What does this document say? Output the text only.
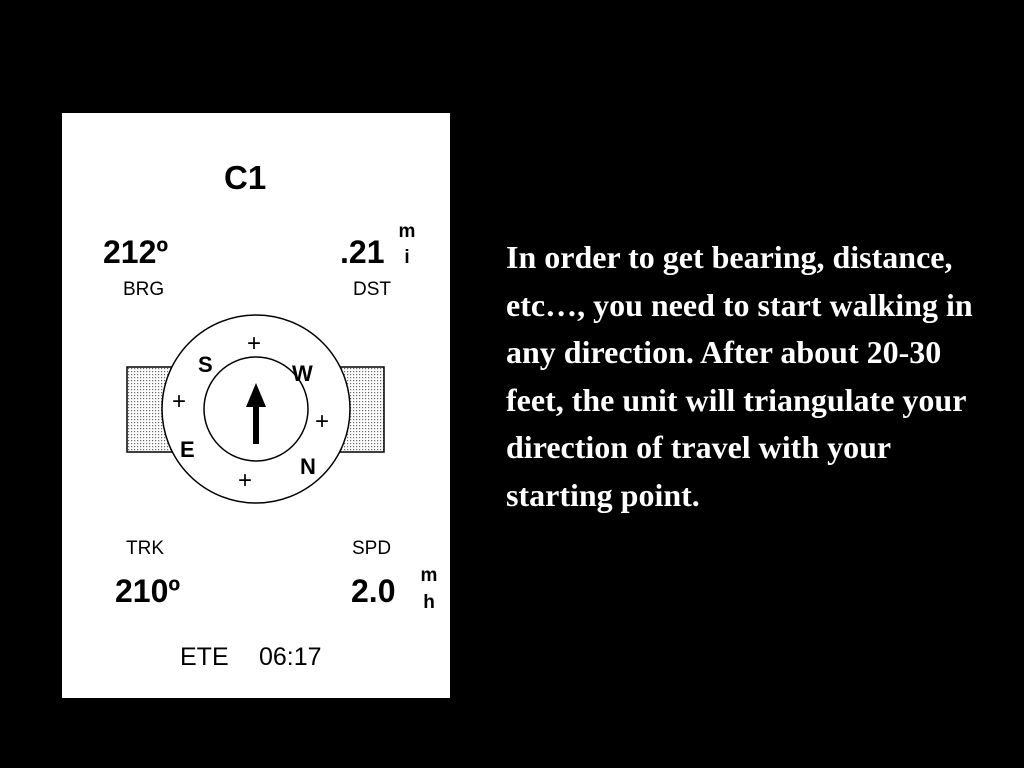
C1
212º
BRG
.21
m
i
DST
S	W
E
N
+
+
+
+
TRK
210º
SPD
2.0 m
h
ETE 06:17

In order to get bearing, distance, etc…, you need to start walking in any direction. After about 20-30 feet, the unit will triangulate your direction of travel with your starting point.
